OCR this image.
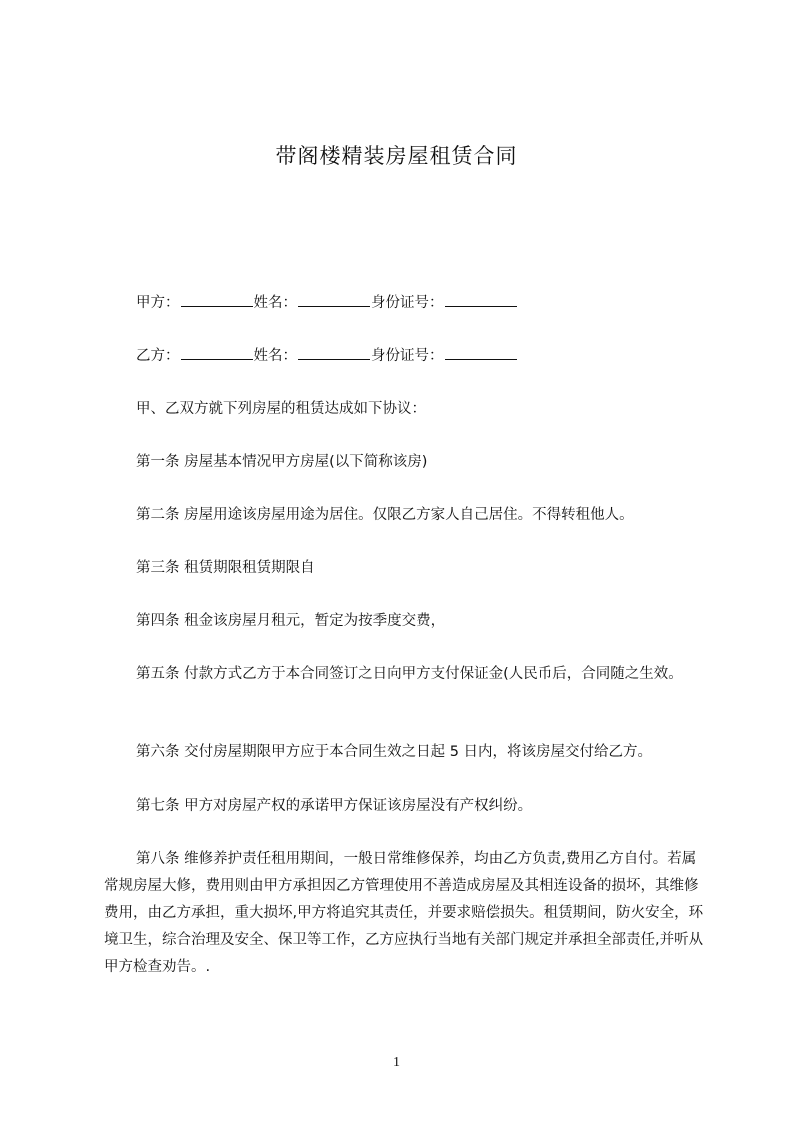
带阁楼精装房屋租赁合同
甲方：	姓名：	身份证号：
乙方：	姓名：	身份证号：
甲、乙双方就下列房屋的租赁达成如下协议：
第一条 房屋基本情况甲方房屋(以下简称该房)
第二条 房屋用途该房屋用途为居住。仅限乙方家人自己居住。不得转租他人。
第三条 租赁期限租赁期限自
第四条 租金该房屋月租元，暂定为按季度交费，
第五条 付款方式乙方于本合同签订之日向甲方支付保证金(人民币后，合同随之生效。
第六条 交付房屋期限甲方应于本合同生效之日起 5 日内，将该房屋交付给乙方。
第七条 甲方对房屋产权的承诺甲方保证该房屋没有产权纠纷。
第八条 维修养护责任租用期间，一般日常维修保养，均由乙方负责,费用乙方自付。若属常规房屋大修，费用则由甲方承担因乙方管理使用不善造成房屋及其相连设备的损坏，其维修费用，由乙方承担，重大损坏,甲方将追究其责任，并要求赔偿损失。租赁期间，防火安全，环境卫生，综合治理及安全、保卫等工作，乙方应执行当地有关部门规定并承担全部责任,并听从甲方检查劝告。.
1
